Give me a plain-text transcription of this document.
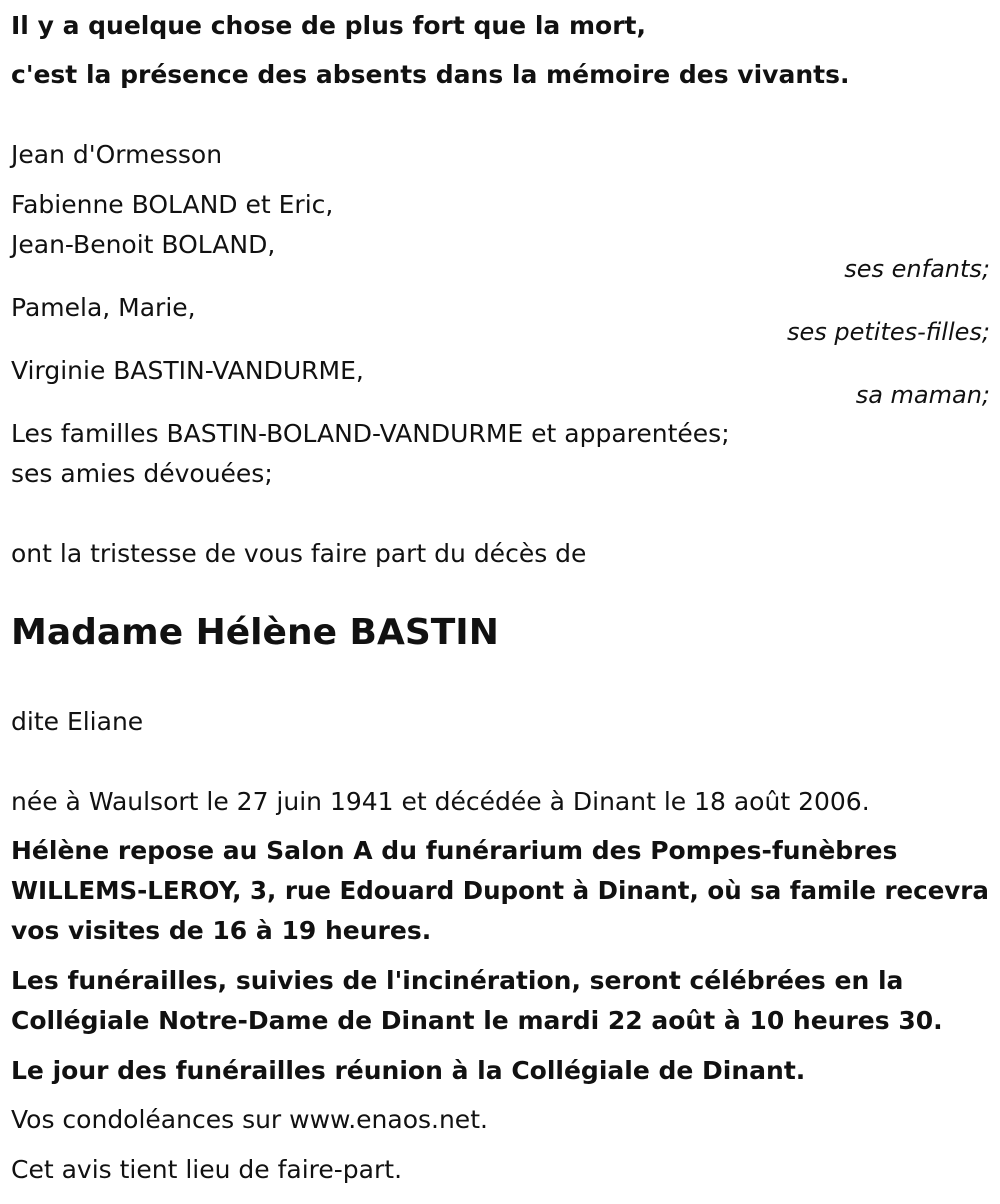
Il y a quelque chose de plus fort que la mort,
c'est la présence des absents dans la mémoire des vivants.
Jean d'Ormesson
Fabienne BOLAND et Eric,
Jean-Benoit BOLAND,
ses enfants;
Pamela, Marie,
ses petites-filles;
Virginie BASTIN-VANDURME,
sa maman;
Les familles BASTIN-BOLAND-VANDURME et apparentées;
ses amies dévouées;
ont la tristesse de vous faire part du décès de
Madame Hélène BASTIN
dite Eliane
née à Waulsort le 27 juin 1941 et décédée à Dinant le 18 août 2006.
Hélène repose au Salon A du funérarium des Pompes-funèbres
WILLEMS-LEROY, 3, rue Edouard Dupont à Dinant, où sa famile recevra
vos visites de 16 à 19 heures.
Les funérailles, suivies de l'incinération, seront célébrées en la
Collégiale Notre-Dame de Dinant le mardi 22 août à 10 heures 30.
Le jour des funérailles réunion à la Collégiale de Dinant.
Vos condoléances sur www.enaos.net.
Cet avis tient lieu de faire-part.
